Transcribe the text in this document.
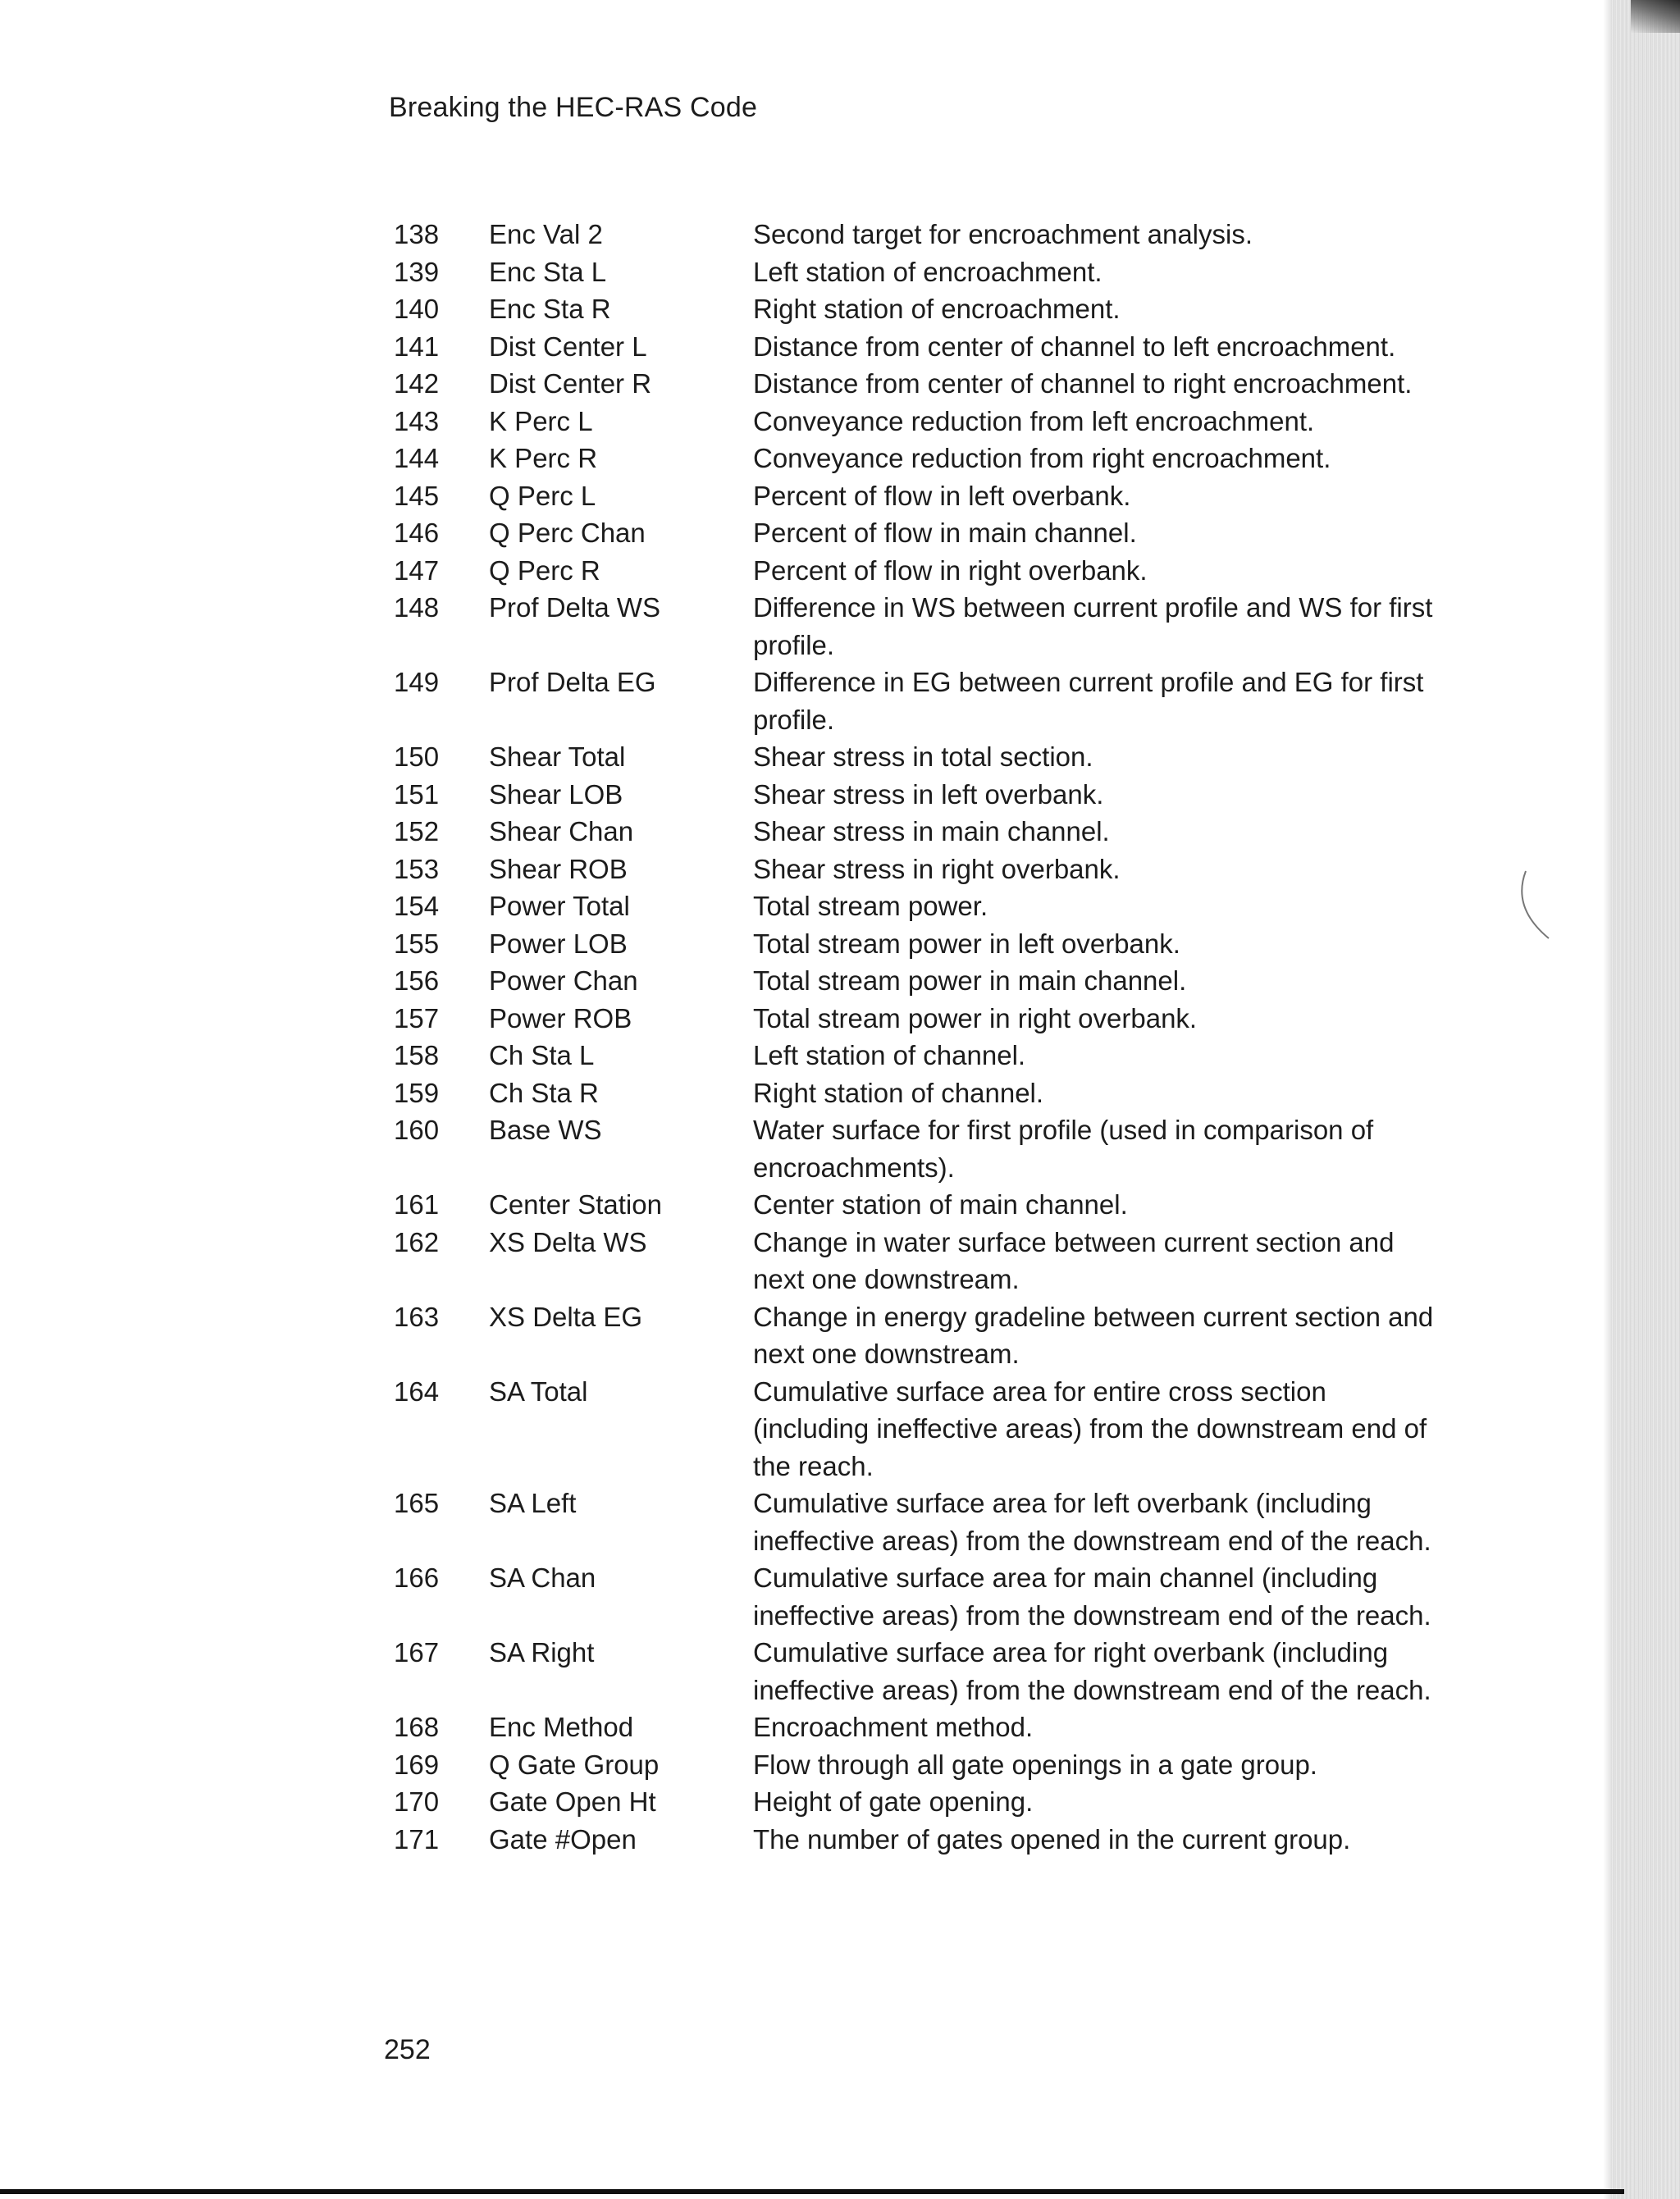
Breaking the HEC-RAS Code
138	Enc Val 2	Second target for encroachment analysis.
139	Enc Sta L	Left station of encroachment.
140	Enc Sta R	Right station of encroachment.
141	Dist Center L	Distance from center of channel to left encroachment.
142	Dist Center R	Distance from center of channel to right encroachment.
143	K Perc L	Conveyance reduction from left encroachment.
144	K Perc R	Conveyance reduction from right encroachment.
145	Q Perc L	Percent of flow in left overbank.
146	Q Perc Chan	Percent of flow in main channel.
147	Q Perc R	Percent of flow in right overbank.
148	Prof Delta WS	Difference in WS between current profile and WS for first
profile.
149	Prof Delta EG	Difference in EG between current profile and EG for first
profile.
150	Shear Total	Shear stress in total section.
151	Shear LOB	Shear stress in left overbank.
152	Shear Chan	Shear stress in main channel.
153	Shear ROB	Shear stress in right overbank.
154	Power Total	Total stream power.
155	Power LOB	Total stream power in left overbank.
156	Power Chan	Total stream power in main channel.
157	Power ROB	Total stream power in right overbank.
158	Ch Sta L	Left station of channel.
159	Ch Sta R	Right station of channel.
160	Base WS	Water surface for first profile (used in comparison of
encroachments).
161	Center Station	Center station of main channel.
162	XS Delta WS	Change in water surface between current section and
next one downstream.
163	XS Delta EG	Change in energy gradeline between current section and
next one downstream.
164	SA Total	Cumulative surface area for entire cross section
(including ineffective areas) from the downstream end of
the reach.
165	SA Left	Cumulative surface area for left overbank (including
ineffective areas) from the downstream end of the reach.
166	SA Chan	Cumulative surface area for main channel (including
ineffective areas) from the downstream end of the reach.
167	SA Right	Cumulative surface area for right overbank (including
ineffective areas) from the downstream end of the reach.
168	Enc Method	Encroachment method.
169	Q Gate Group	Flow through all gate openings in a gate group.
170	Gate Open Ht	Height of gate opening.
171	Gate #Open	The number of gates opened in the current group.
252
